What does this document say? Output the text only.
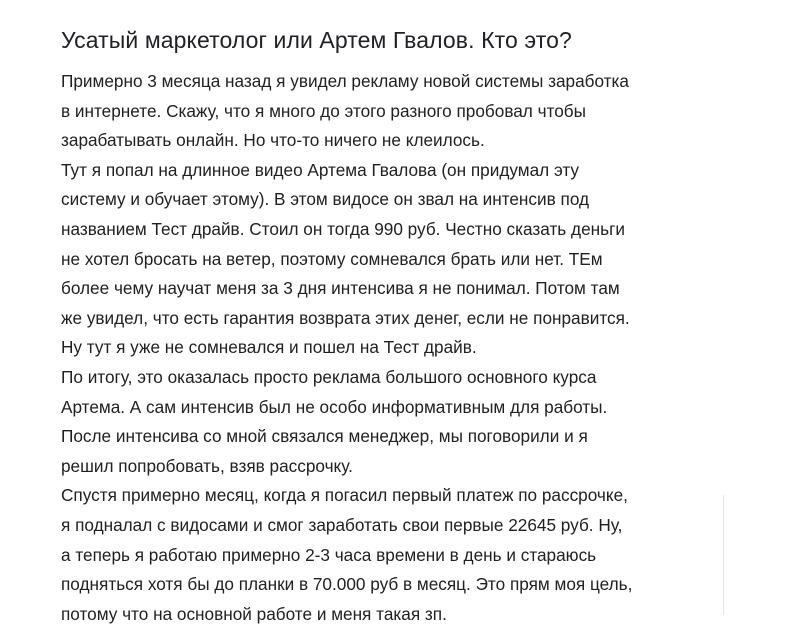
Усатый маркетолог или Артем Гвалов. Кто это?
Примерно 3 месяца назад я увидел рекламу новой системы заработка
в интернете. Скажу, что я много до этого разного пробовал чтобы
зарабатывать онлайн. Но что-то ничего не клеилось.
Тут я попал на длинное видео Артема Гвалова (он придумал эту
систему и обучает этому). В этом видосе он звал на интенсив под
названием Тест драйв. Стоил он тогда 990 руб. Честно сказать деньги
не хотел бросать на ветер, поэтому сомневался брать или нет. ТЕм
более чему научат меня за 3 дня интенсива я не понимал. Потом там
же увидел, что есть гарантия возврата этих денег, если не понравится.
Ну тут я уже не сомневался и пошел на Тест драйв.
По итогу, это оказалась просто реклама большого основного курса
Артема. А сам интенсив был не особо информативным для работы.
После интенсива со мной связался менеджер, мы поговорили и я
решил попробовать, взяв рассрочку.
Спустя примерно месяц, когда я погасил первый платеж по рассрочке,
я подналал с видосами и смог заработать свои первые 22645 руб. Ну,
а теперь я работаю примерно 2-3 часа времени в день и стараюсь
подняться хотя бы до планки в 70.000 руб в месяц. Это прям моя цель,
потому что на основной работе и меня такая зп.
